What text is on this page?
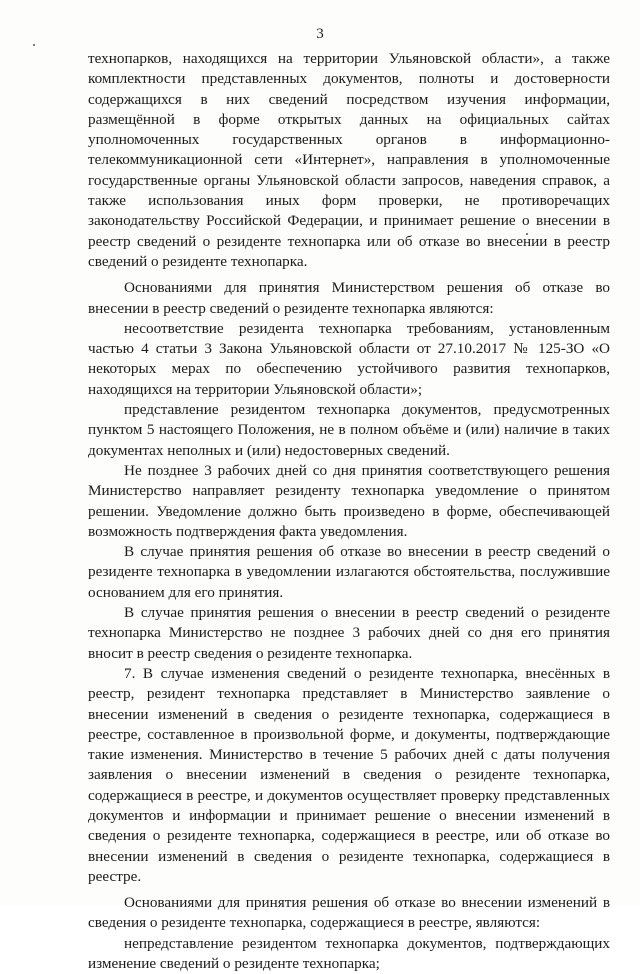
3

технопарков, находящихся на территории Ульяновской области», а также комплектности представленных документов, полноты и достоверности содержащихся в них сведений посредством изучения информации, размещённой в форме открытых данных на официальных сайтах уполномоченных государственных органов в информационно-телекоммуникационной сети «Интернет», направления в уполномоченные государственные органы Ульяновской области запросов, наведения справок, а также использования иных форм проверки, не противоречащих законодательству Российской Федерации, и принимает решение о внесении в реестр сведений о резиденте технопарка или об отказе во внесении в реестр сведений о резиденте технопарка.

Основаниями для принятия Министерством решения об отказе во внесении в реестр сведений о резиденте технопарка являются:

несоответствие резидента технопарка требованиям, установленным частью 4 статьи 3 Закона Ульяновской области от 27.10.2017 № 125-ЗО «О некоторых мерах по обеспечению устойчивого развития технопарков, находящихся на территории Ульяновской области»;

представление резидентом технопарка документов, предусмотренных пунктом 5 настоящего Положения, не в полном объёме и (или) наличие в таких документах неполных и (или) недостоверных сведений.

Не позднее 3 рабочих дней со дня принятия соответствующего решения Министерство направляет резиденту технопарка уведомление о принятом решении. Уведомление должно быть произведено в форме, обеспечивающей возможность подтверждения факта уведомления.

В случае принятия решения об отказе во внесении в реестр сведений о резиденте технопарка в уведомлении излагаются обстоятельства, послужившие основанием для его принятия.

В случае принятия решения о внесении в реестр сведений о резиденте технопарка Министерство не позднее 3 рабочих дней со дня его принятия вносит в реестр сведения о резиденте технопарка.

7. В случае изменения сведений о резиденте технопарка, внесённых в реестр, резидент технопарка представляет в Министерство заявление о внесении изменений в сведения о резиденте технопарка, содержащиеся в реестре, составленное в произвольной форме, и документы, подтверждающие такие изменения. Министерство в течение 5 рабочих дней с даты получения заявления о внесении изменений в сведения о резиденте технопарка, содержащиеся в реестре, и документов осуществляет проверку представленных документов и информации и принимает решение о внесении изменений в сведения о резиденте технопарка, содержащиеся в реестре, или об отказе во внесении изменений в сведения о резиденте технопарка, содержащиеся в реестре.

Основаниями для принятия решения об отказе во внесении изменений в сведения о резиденте технопарка, содержащиеся в реестре, являются:

непредставление резидентом технопарка документов, подтверждающих изменение сведений о резиденте технопарка;
